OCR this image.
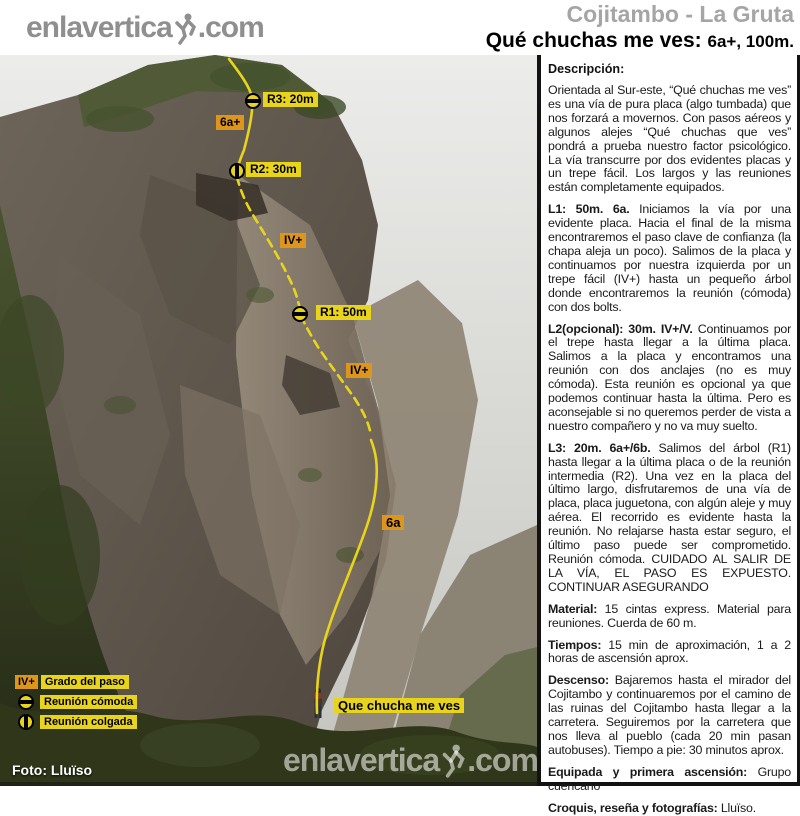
enlavertica .com	Cojitambo - La Gruta
Qué chuchas me ves: 6a+, 100m.
R3: 20m
6a+
R2: 30m
IV+
R1: 50m
IV+
6a
Que chucha me ves
IV+ Grado del paso
Reunión cómoda
Reunión colgada
Foto: Lluïso	enlavertica .com
Descripción:

Orientada al Sur-este, “Qué chuchas me ves” es una vía de pura placa (algo tumbada) que nos forzará a movernos. Con pasos aéreos y algunos alejes “Qué chuchas que ves” pondrá a prueba nuestro factor psicológico. La vía transcurre por dos evidentes placas y un trepe fácil. Los largos y las reuniones están completamente equipados.

L1: 50m. 6a. Iniciamos la vía por una evidente placa. Hacia el final de la misma encontraremos el paso clave de confianza (la chapa aleja un poco). Salimos de la placa y continuamos por nuestra izquierda por un trepe fácil (IV+) hasta un pequeño árbol donde encontraremos la reunión (cómoda) con dos bolts.

L2(opcional): 30m. IV+/V. Continuamos por el trepe hasta llegar a la última placa. Salimos a la placa y encontramos una reunión con dos anclajes (no es muy cómoda). Esta reunión es opcional ya que podemos continuar hasta la última. Pero es aconsejable si no queremos perder de vista a nuestro compañero y no va muy suelto.

L3: 20m. 6a+/6b. Salimos del árbol (R1) hasta llegar a la última placa o de la reunión intermedia (R2). Una vez en la placa del último largo, disfrutaremos de una vía de placa, placa juguetona, con algún aleje y muy aérea. El recorrido es evidente hasta la reunión. No relajarse hasta estar seguro, el último paso puede ser comprometido. Reunión cómoda. CUIDADO AL SALIR DE LA VÍA, EL PASO ES EXPUESTO. CONTINUAR ASEGURANDO

Material: 15 cintas express. Material para reuniones. Cuerda de 60 m.

Tiempos: 15 min de aproximación, 1 a 2 horas de ascensión aprox.

Descenso: Bajaremos hasta el mirador del Cojitambo y continuaremos por el camino de las ruinas del Cojitambo hasta llegar a la carretera. Seguiremos por la carretera que nos lleva al pueblo (cada 20 min pasan autobuses). Tiempo a pie: 30 minutos aprox.

Equipada y primera ascensión: Grupo cuencano

Croquis, reseña y fotografías: Lluïso.
